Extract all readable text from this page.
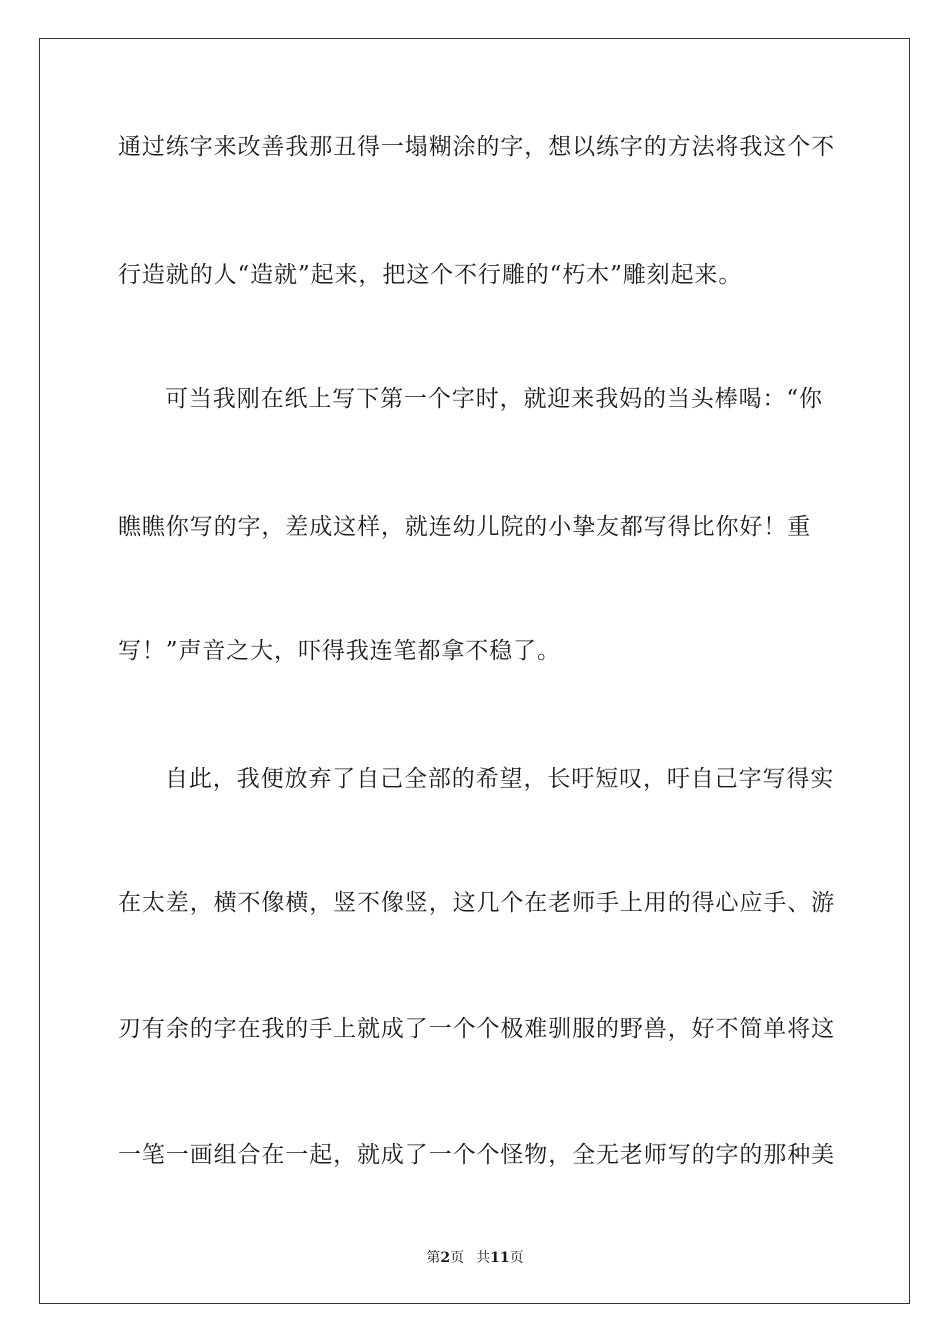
通过练字来改善我那丑得一塌糊涂的字，想以练字的方法将我这个不

行造就的人“造就”起来，把这个不行雕的“朽木”雕刻起来。

可当我刚在纸上写下第一个字时，就迎来我妈的当头棒喝：“你

瞧瞧你写的字，差成这样，就连幼儿院的小挚友都写得比你好！重

写！”声音之大，吓得我连笔都拿不稳了。

自此，我便放弃了自己全部的希望，长吁短叹，吁自己字写得实

在太差，横不像横，竖不像竖，这几个在老师手上用的得心应手、游

刃有余的字在我的手上就成了一个个极难驯服的野兽，好不简单将这

一笔一画组合在一起，就成了一个个怪物，全无老师写的字的那种美

第2页 共11页
